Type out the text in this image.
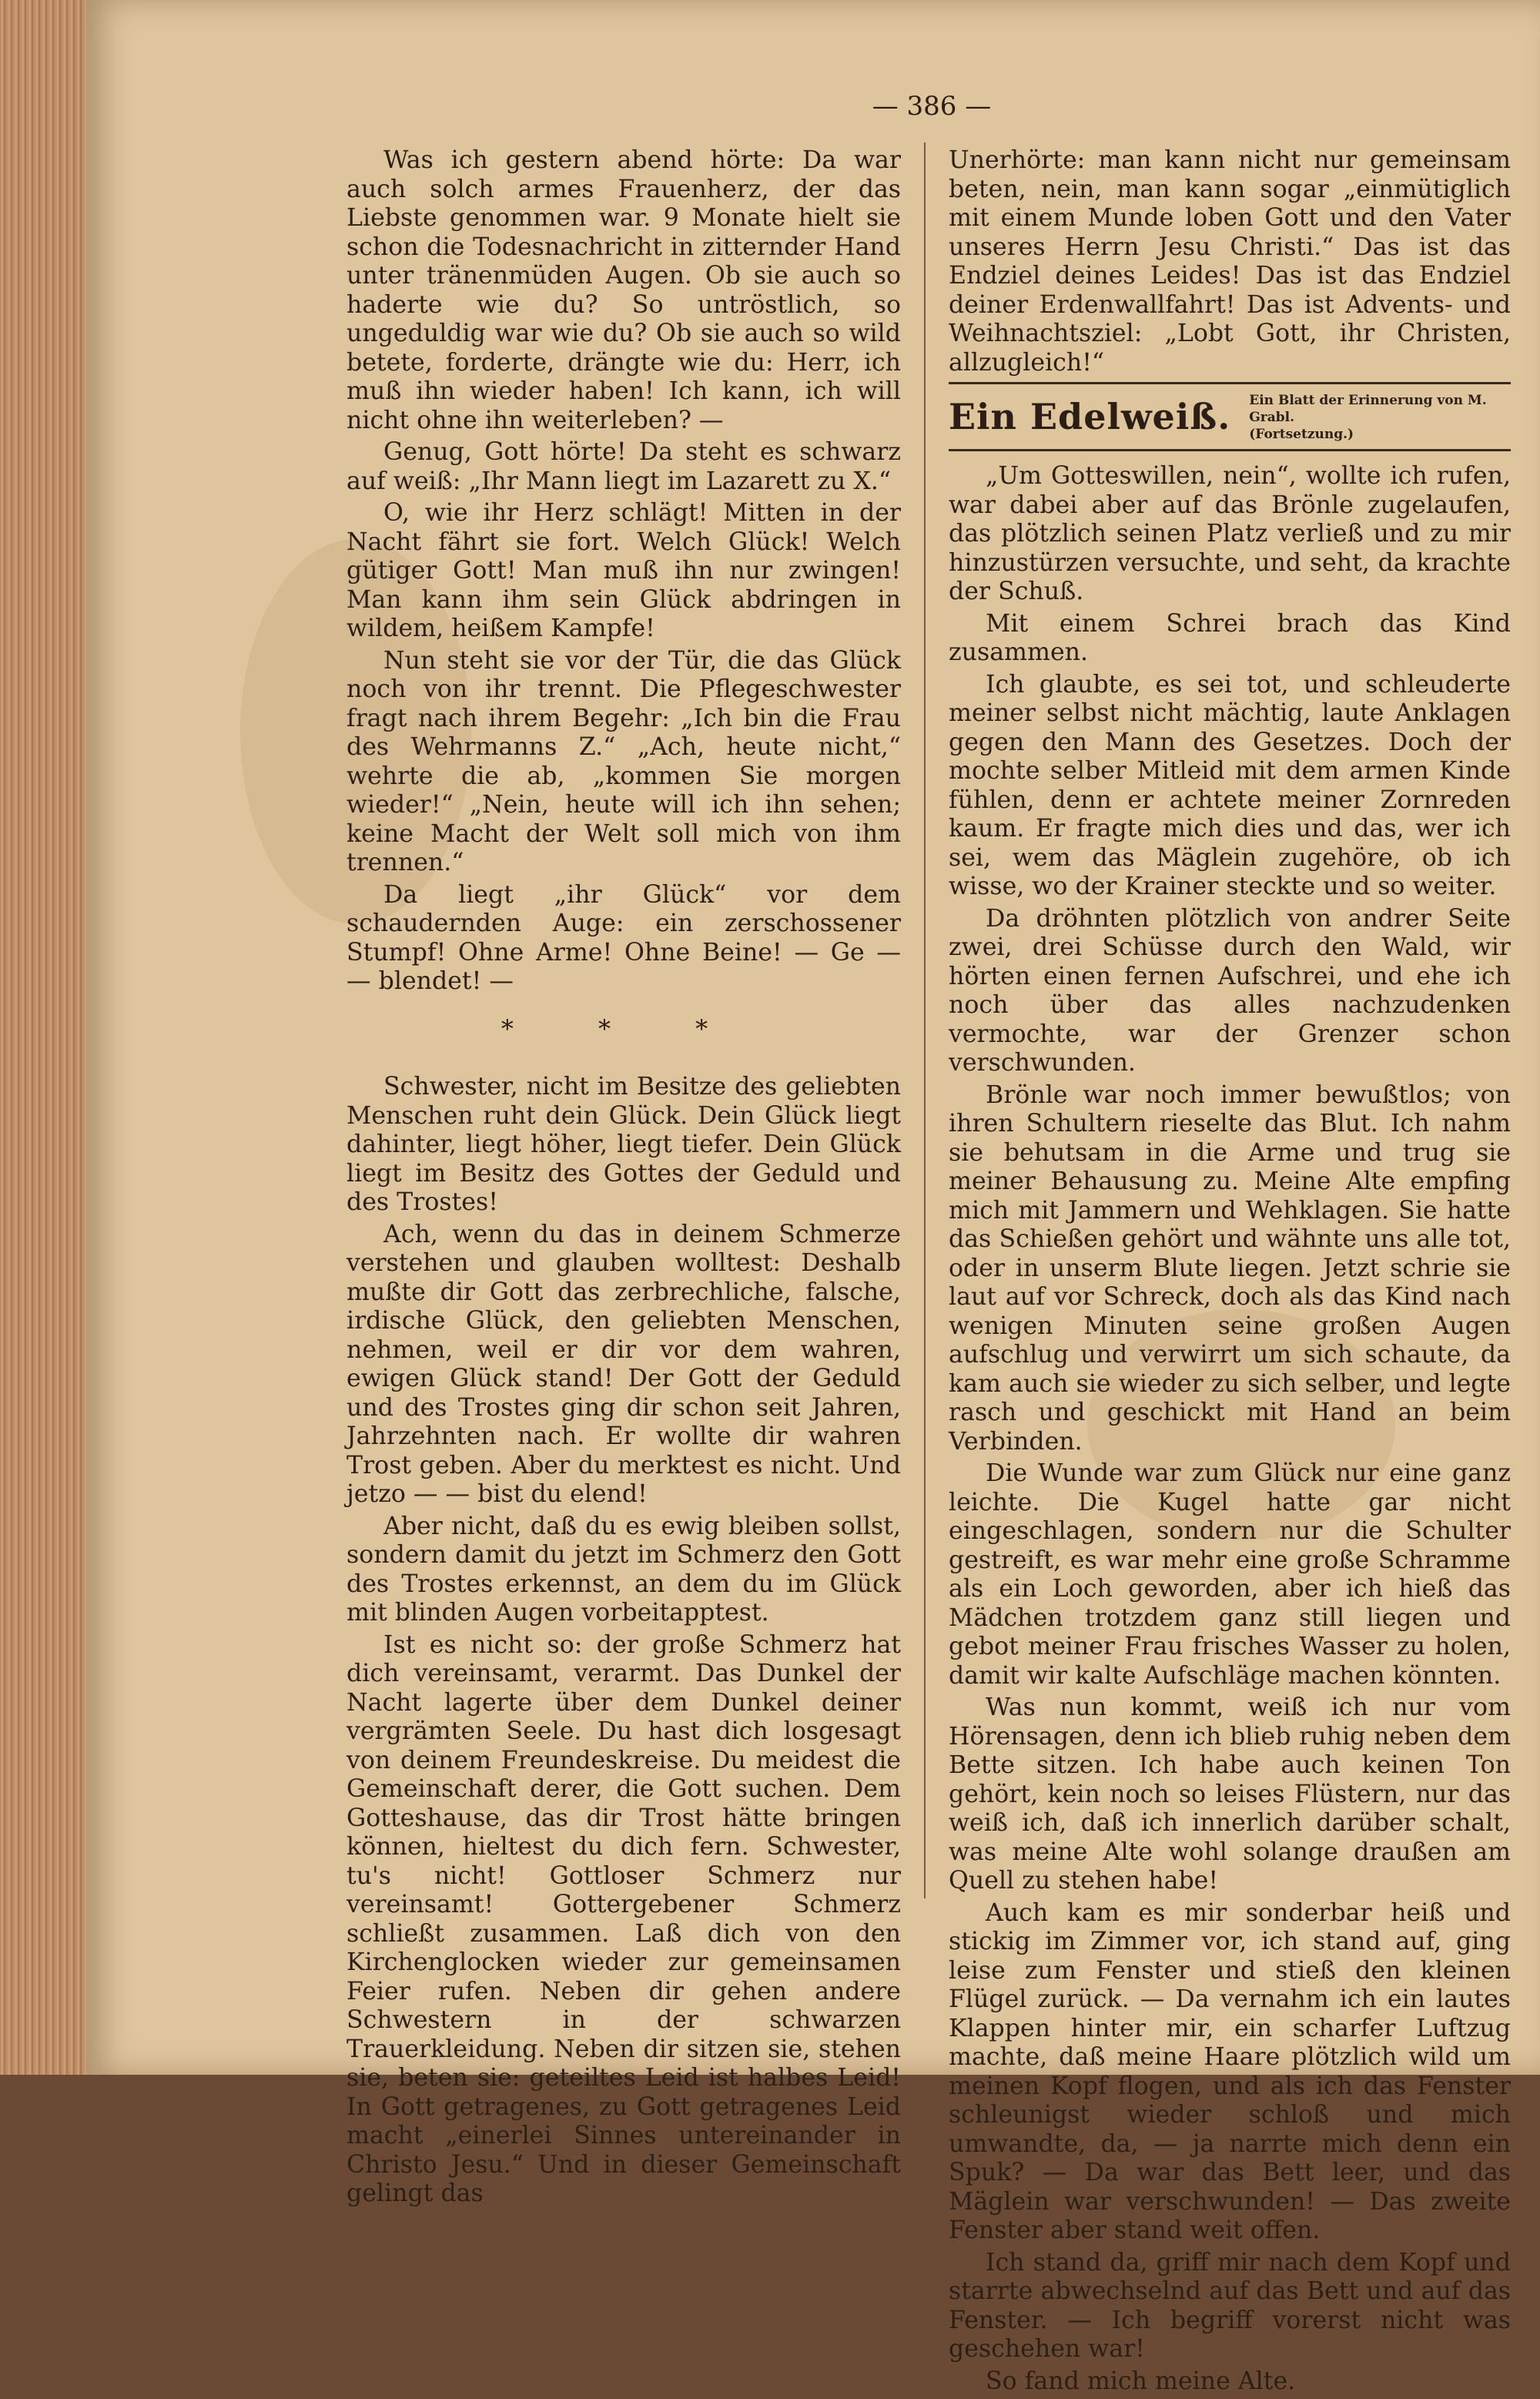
— 386 —

Was ich gestern abend hörte: Da war auch solch armes Frauenherz, der das Liebste genommen war. 9 Monate hielt sie schon die Todesnachricht in zitternder Hand unter tränenmüden Augen. Ob sie auch so haderte wie du? So untröstlich, so ungeduldig war wie du? Ob sie auch so wild betete, forderte, drängte wie du: Herr, ich muß ihn wieder haben! Ich kann, ich will nicht ohne ihn weiterleben? —

Genug, Gott hörte! Da steht es schwarz auf weiß: „Ihr Mann liegt im Lazarett zu X.“

O, wie ihr Herz schlägt! Mitten in der Nacht fährt sie fort. Welch Glück! Welch gütiger Gott! Man muß ihn nur zwingen! Man kann ihm sein Glück abdringen in wildem, heißem Kampfe!

Nun steht sie vor der Tür, die das Glück noch von ihr trennt. Die Pflegeschwester fragt nach ihrem Begehr: „Ich bin die Frau des Wehrmanns Z.“ „Ach, heute nicht,“ wehrte die ab, „kommen Sie morgen wieder!“ „Nein, heute will ich ihn sehen; keine Macht der Welt soll mich von ihm trennen.“

Da liegt „ihr Glück“ vor dem schaudernden Auge: ein zerschossener Stumpf! Ohne Arme! Ohne Beine! — Ge — — blendet! —

* * *

Schwester, nicht im Besitze des geliebten Menschen ruht dein Glück. Dein Glück liegt dahinter, liegt höher, liegt tiefer. Dein Glück liegt im Besitz des Gottes der Geduld und des Trostes!

Ach, wenn du das in deinem Schmerze verstehen und glauben wolltest: Deshalb mußte dir Gott das zerbrechliche, falsche, irdische Glück, den geliebten Menschen, nehmen, weil er dir vor dem wahren, ewigen Glück stand! Der Gott der Geduld und des Trostes ging dir schon seit Jahren, Jahrzehnten nach. Er wollte dir wahren Trost geben. Aber du merktest es nicht. Und jetzo — — bist du elend!

Aber nicht, daß du es ewig bleiben sollst, sondern damit du jetzt im Schmerz den Gott des Trostes erkennst, an dem du im Glück mit blinden Augen vorbeitapptest.

Ist es nicht so: der große Schmerz hat dich vereinsamt, verarmt. Das Dunkel der Nacht lagerte über dem Dunkel deiner vergrämten Seele. Du hast dich losgesagt von deinem Freundeskreise. Du meidest die Gemeinschaft derer, die Gott suchen. Dem Gotteshause, das dir Trost hätte bringen können, hieltest du dich fern. Schwester, tu's nicht! Gottloser Schmerz nur vereinsamt! Gottergebener Schmerz schließt zusammen. Laß dich von den Kirchenglocken wieder zur gemeinsamen Feier rufen. Neben dir gehen andere Schwestern in der schwarzen Trauerkleidung. Neben dir sitzen sie, stehen sie, beten sie: geteiltes Leid ist halbes Leid! In Gott getragenes, zu Gott getragenes Leid macht „einerlei Sinnes untereinander in Christo Jesu.“ Und in dieser Gemeinschaft gelingt das

Unerhörte: man kann nicht nur gemeinsam beten, nein, man kann sogar „einmütiglich mit einem Munde loben Gott und den Vater unseres Herrn Jesu Christi.“ Das ist das Endziel deines Leides! Das ist das Endziel deiner Erdenwallfahrt! Das ist Advents- und Weihnachtsziel: „Lobt Gott, ihr Christen, allzugleich!“

Ein Edelweiß. Ein Blatt der Erinnerung von M. Grabl.
(Fortsetzung.)

„Um Gotteswillen, nein“, wollte ich rufen, war dabei aber auf das Brönle zugelaufen, das plötzlich seinen Platz verließ und zu mir hinzustürzen versuchte, und seht, da krachte der Schuß.

Mit einem Schrei brach das Kind zusammen.

Ich glaubte, es sei tot, und schleuderte meiner selbst nicht mächtig, laute Anklagen gegen den Mann des Gesetzes. Doch der mochte selber Mitleid mit dem armen Kinde fühlen, denn er achtete meiner Zornreden kaum. Er fragte mich dies und das, wer ich sei, wem das Mäglein zugehöre, ob ich wisse, wo der Krainer steckte und so weiter.

Da dröhnten plötzlich von andrer Seite zwei, drei Schüsse durch den Wald, wir hörten einen fernen Aufschrei, und ehe ich noch über das alles nachzudenken vermochte, war der Grenzer schon verschwunden.

Brönle war noch immer bewußtlos; von ihren Schultern rieselte das Blut. Ich nahm sie behutsam in die Arme und trug sie meiner Behausung zu. Meine Alte empfing mich mit Jammern und Wehklagen. Sie hatte das Schießen gehört und wähnte uns alle tot, oder in unserm Blute liegen. Jetzt schrie sie laut auf vor Schreck, doch als das Kind nach wenigen Minuten seine großen Augen aufschlug und verwirrt um sich schaute, da kam auch sie wieder zu sich selber, und legte rasch und geschickt mit Hand an beim Verbinden.

Die Wunde war zum Glück nur eine ganz leichte. Die Kugel hatte gar nicht eingeschlagen, sondern nur die Schulter gestreift, es war mehr eine große Schramme als ein Loch geworden, aber ich hieß das Mädchen trotzdem ganz still liegen und gebot meiner Frau frisches Wasser zu holen, damit wir kalte Aufschläge machen könnten.

Was nun kommt, weiß ich nur vom Hörensagen, denn ich blieb ruhig neben dem Bette sitzen. Ich habe auch keinen Ton gehört, kein noch so leises Flüstern, nur das weiß ich, daß ich innerlich darüber schalt, was meine Alte wohl solange draußen am Quell zu stehen habe!

Auch kam es mir sonderbar heiß und stickig im Zimmer vor, ich stand auf, ging leise zum Fenster und stieß den kleinen Flügel zurück. — Da vernahm ich ein lautes Klappen hinter mir, ein scharfer Luftzug machte, daß meine Haare plötzlich wild um meinen Kopf flogen, und als ich das Fenster schleunigst wieder schloß und mich umwandte, da, — ja narrte mich denn ein Spuk? — Da war das Bett leer, und das Mäglein war verschwunden! — Das zweite Fenster aber stand weit offen.

Ich stand da, griff mir nach dem Kopf und starrte abwechselnd auf das Bett und auf das Fenster. — Ich begriff vorerst nicht was geschehen war!

So fand mich meine Alte.
